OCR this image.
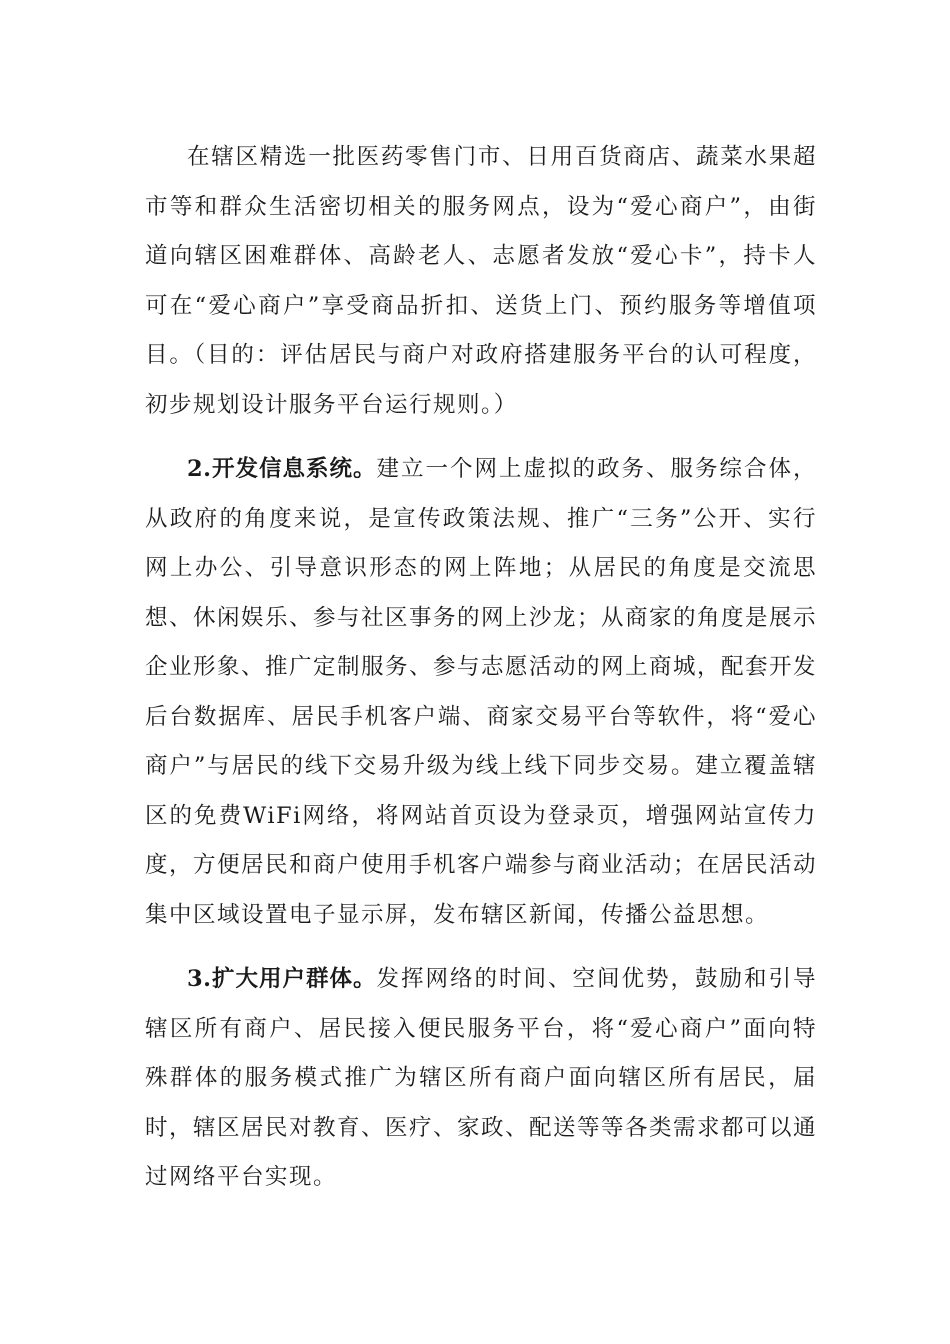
在辖区精选一批医药零售门市、日用百货商店、蔬菜水果超市等和群众生活密切相关的服务网点，设为“爱心商户”，由街道向辖区困难群体、高龄老人、志愿者发放“爱心卡”，持卡人可在“爱心商户”享受商品折扣、送货上门、预约服务等增值项目。（目的：评估居民与商户对政府搭建服务平台的认可程度，初步规划设计服务平台运行规则。）

2.开发信息系统。建立一个网上虚拟的政务、服务综合体，从政府的角度来说，是宣传政策法规、推广“三务”公开、实行网上办公、引导意识形态的网上阵地；从居民的角度是交流思想、休闲娱乐、参与社区事务的网上沙龙；从商家的角度是展示企业形象、推广定制服务、参与志愿活动的网上商城，配套开发后台数据库、居民手机客户端、商家交易平台等软件，将“爱心商户”与居民的线下交易升级为线上线下同步交易。建立覆盖辖区的免费WiFi网络，将网站首页设为登录页，增强网站宣传力度，方便居民和商户使用手机客户端参与商业活动；在居民活动集中区域设置电子显示屏，发布辖区新闻，传播公益思想。

3.扩大用户群体。发挥网络的时间、空间优势，鼓励和引导辖区所有商户、居民接入便民服务平台，将“爱心商户”面向特殊群体的服务模式推广为辖区所有商户面向辖区所有居民，届时，辖区居民对教育、医疗、家政、配送等等各类需求都可以通过网络平台实现。
